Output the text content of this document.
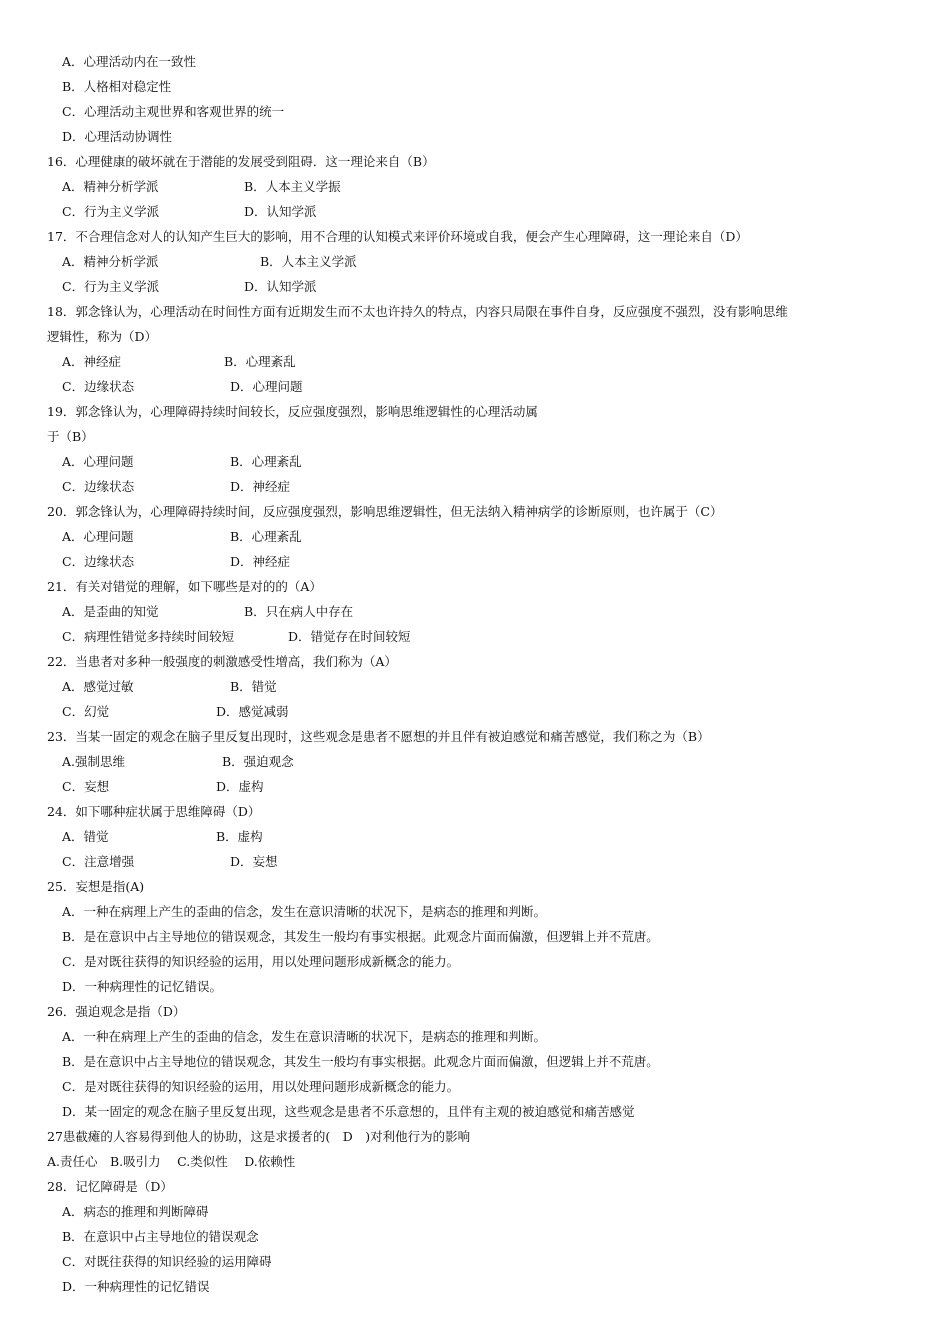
A．心理活动内在一致性
B．人格相对稳定性
C．心理活动主观世界和客观世界的统一
D．心理活动协调性
16．心理健康的破坏就在于潜能的发展受到阻碍．这一理论来自（B）
A．精神分析学派	B．人本主义学振
C．行为主义学派	D．认知学派
17．不合理信念对人的认知产生巨大的影响，用不合理的认知模式来评价环境或自我，便会产生心理障碍，这一理论来自（D）
A．精神分析学派	B．人本主义学派
C．行为主义学派	D．认知学派
18．郭念锋认为，心理活动在时间性方面有近期发生而不太也许持久的特点，内容只局限在事件自身，反应强度不强烈，没有影响思维
逻辑性，称为（D）
A．神经症	B．心理紊乱
C．边缘状态	D．心理问题
19．郭念锋认为，心理障碍持续时间较长，反应强度强烈，影响思维逻辑性的心理活动属
于（B）
A．心理问题	B．心理紊乱
C．边缘状态	D．神经症
20．郭念锋认为，心理障碍持续时间，反应强度强烈，影响思维逻辑性，但无法纳入精神病学的诊断原则，也许属于（C）
A．心理问题	B．心理紊乱
C．边缘状态	D．神经症
21．有关对错觉的理解，如下哪些是对的的（A）
A．是歪曲的知觉	B．只在病人中存在
C．病理性错觉多持续时间较短	D．错觉存在时间较短
22．当患者对多种一般强度的刺激感受性增高，我们称为（A）
A．感觉过敏	B．错觉
C．幻觉	D．感觉减弱
23．当某一固定的观念在脑子里反复出现时，这些观念是患者不愿想的并且伴有被迫感觉和痛苦感觉，我们称之为（B）
A.强制思维	B．强迫观念
C．妄想	D．虚构
24．如下哪种症状属于思维障碍（D）
A．错觉	B．虚构
C．注意增强	D．妄想
25．妄想是指(A)
A．一种在病理上产生的歪曲的信念，发生在意识清晰的状况下，是病态的推理和判断。
B．是在意识中占主导地位的错误观念，其发生一般均有事实根据。此观念片面而偏激，但逻辑上并不荒唐。
C．是对既往获得的知识经验的运用，用以处理问题形成新概念的能力。
D．一种病理性的记忆错误。
26．强迫观念是指（D）
A．一种在病理上产生的歪曲的信念，发生在意识清晰的状况下，是病态的推理和判断。
B．是在意识中占主导地位的错误观念，其发生一般均有事实根据。此观念片面而偏激，但逻辑上并不荒唐。
C．是对既往获得的知识经验的运用，用以处理问题形成新概念的能力。
D．某一固定的观念在脑子里反复出现，这些观念是患者不乐意想的，且伴有主观的被迫感觉和痛苦感觉
27患截瘫的人容易得到他人的协助，这是求援者的(　D　)对利他行为的影响
A.责任心　B.吸引力　 C.类似性　 D.依赖性
28．记忆障碍是（D）
A．病态的推理和判断障碍
B．在意识中占主导地位的错误观念
C．对既往获得的知识经验的运用障碍
D．一种病理性的记忆错误
